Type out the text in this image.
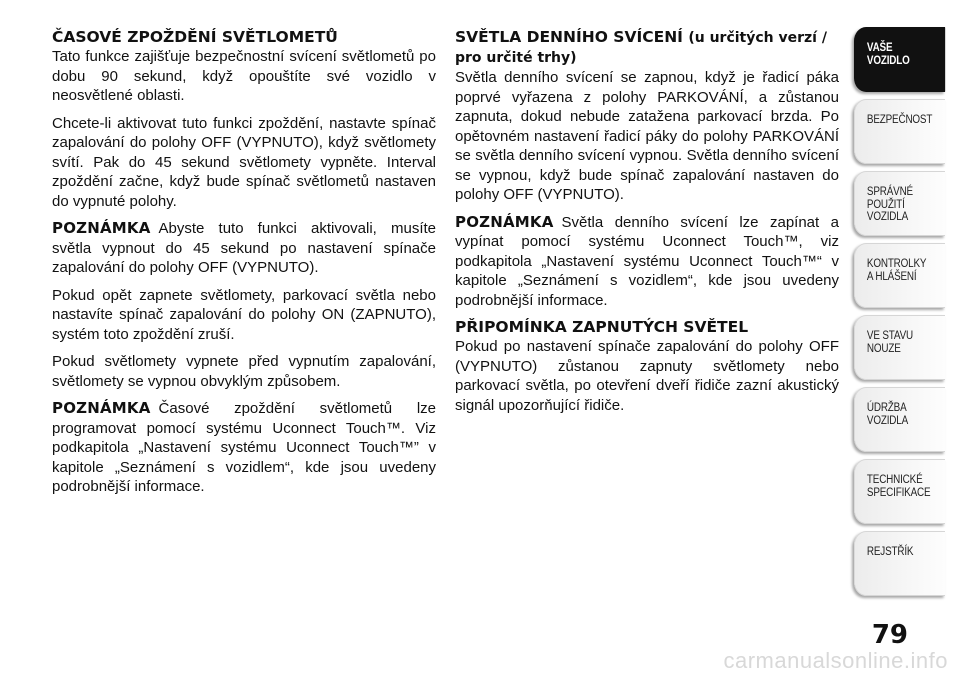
ČASOVÉ ZPOŽDĚNÍ SVĚTLOMETŮ

Tato funkce zajišťuje bezpečnostní svícení světlometů po dobu 90 sekund, když opouštíte své vozidlo v neosvětlené oblasti.

Chcete-li aktivovat tuto funkci zpoždění, nastavte spínač zapalování do polohy OFF (VYPNUTO), když světlomety svítí. Pak do 45 sekund světlomety vypněte. Interval zpoždění začne, když bude spínač světlometů nastaven do vypnuté polohy.

POZNÁMKA Abyste tuto funkci aktivovali, musíte světla vypnout do 45 sekund po nastavení spínače zapalování do polohy OFF (VYPNUTO).

Pokud opět zapnete světlomety, parkovací světla nebo nastavíte spínač zapalování do polohy ON (ZAPNUTO), systém toto zpoždění zruší.

Pokud světlomety vypnete před vypnutím zapalování, světlomety se vypnou obvyklým způsobem.

POZNÁMKA Časové zpoždění světlometů lze programovat pomocí systému Uconnect Touch™. Viz podkapitola „Nastavení systému Uconnect Touch™” v kapitole „Seznámení s vozidlem“, kde jsou uvedeny podrobnější informace.

SVĚTLA DENNÍHO SVÍCENÍ (u určitých verzí / pro určité trhy)

Světla denního svícení se zapnou, když je řadicí páka poprvé vyřazena z polohy PARKOVÁNÍ, a zůstanou zapnuta, dokud nebude zatažena parkovací brzda. Po opětovném nastavení řadicí páky do polohy PARKOVÁNÍ se světla denního svícení vypnou. Světla denního svícení se vypnou, když bude spínač zapalování nastaven do polohy OFF (VYPNUTO).

POZNÁMKA Světla denního svícení lze zapínat a vypínat pomocí systému Uconnect Touch™, viz podkapitola „Nastavení systému Uconnect Touch™“ v kapitole „Seznámení s vozidlem“, kde jsou uvedeny podrobnější informace.

PŘIPOMÍNKA ZAPNUTÝCH SVĚTEL

Pokud po nastavení spínače zapalování do polohy OFF (VYPNUTO) zůstanou zapnuty světlomety nebo parkovací světla, po otevření dveří řidiče zazní akustický signál upozorňující řidiče.

VAŠE
VOZIDLO
BEZPEČNOST
SPRÁVNÉ
POUŽITÍ
VOZIDLA
KONTROLKY
A HLÁŠENÍ
VE STAVU
NOUZE
ÚDRŽBA
VOZIDLA
TECHNICKÉ
SPECIFIKACE
REJSTŘÍK
79
carmanualsonline.info
